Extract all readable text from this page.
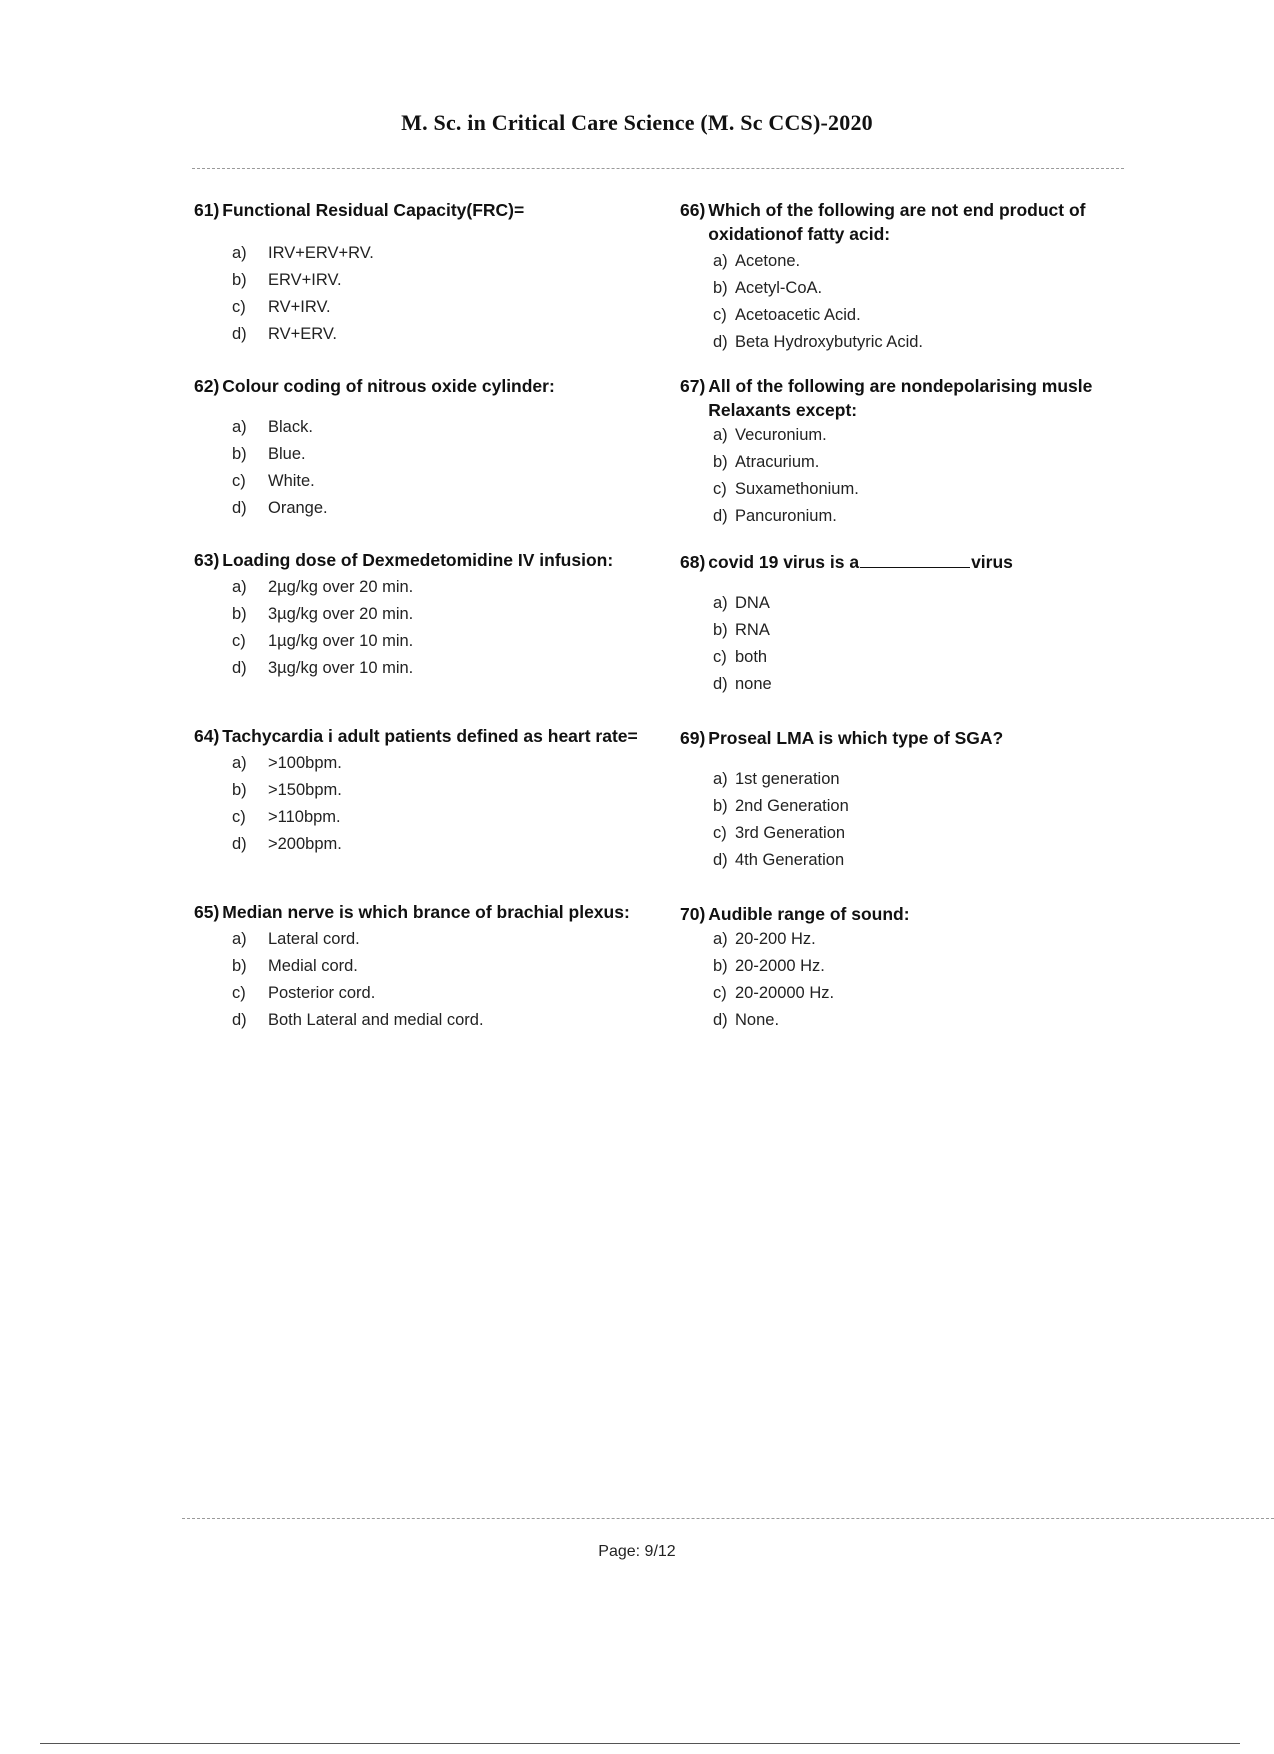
M. Sc. in Critical Care Science (M. Sc CCS)-2020
61) Functional Residual Capacity(FRC)=
a) IRV+ERV+RV.
b) ERV+IRV.
c) RV+IRV.
d) RV+ERV.
62) Colour coding of nitrous oxide cylinder:
a) Black.
b) Blue.
c) White.
d) Orange.
63) Loading dose of Dexmedetomidine IV infusion:
a) 2µg/kg over 20 min.
b) 3µg/kg over 20 min.
c) 1µg/kg over 10 min.
d) 3µg/kg over 10 min.
64) Tachycardia i adult patients defined as heart rate=
a) >100bpm.
b) >150bpm.
c) >110bpm.
d) >200bpm.
65) Median nerve is which brance of brachial plexus:
a) Lateral cord.
b) Medial cord.
c) Posterior cord.
d) Both Lateral and medial cord.
66) Which of the following are not end product of oxidationof fatty acid:
a) Acetone.
b) Acetyl-CoA.
c) Acetoacetic Acid.
d) Beta Hydroxybutyric Acid.
67) All of the following are nondepolarising musle Relaxants except:
a) Vecuronium.
b) Atracurium.
c) Suxamethonium.
d) Pancuronium.
68) covid 19 virus is a	virus
a) DNA
b) RNA
c) both
d) none
69) Proseal LMA is which type of SGA?
a) 1st generation
b) 2nd Generation
c) 3rd Generation
d) 4th Generation
70) Audible range of sound:
a) 20-200 Hz.
b) 20-2000 Hz.
c) 20-20000 Hz.
d) None.
Page: 9/12
